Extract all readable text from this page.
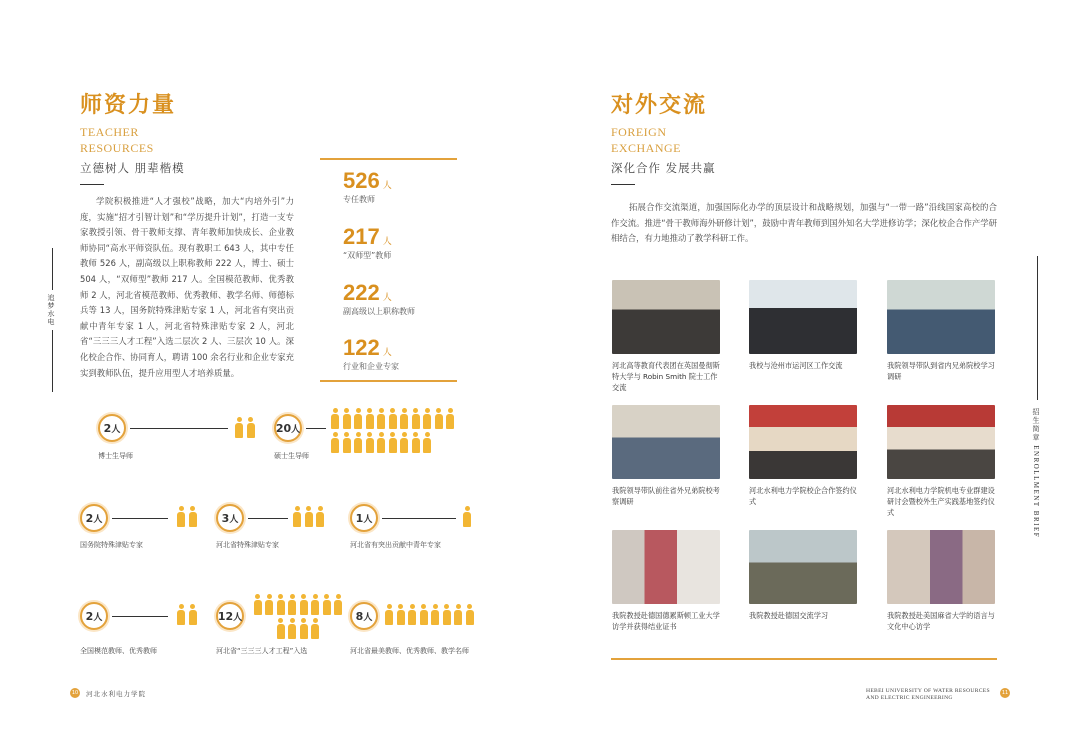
师资力量
TEACHER
RESOURCES
立德树人 朋辈楷模
学院积极推进“人才强校”战略，加大“内培外引”力度，实施“招才引智计划”和“学历提升计划”，打造一支专家教授引领、骨干教师支撑、青年教师加快成长、企业教师协同“高水平师资队伍。现有教职工 643 人，其中专任教师 526 人，副高级以上职称教师 222 人，博士、硕士 504 人，“双师型”教师 217 人。全国模范教师、优秀教师 2 人，河北省模范教师、优秀教师、教学名师、师德标兵等 13 人，国务院特殊津贴专家 1 人，河北省有突出贡献中青年专家 1 人，河北省特殊津贴专家 2 人，河北省“三三三人才工程”入选二层次 2 人、三层次 10 人。深化校企合作、协同育人，聘请 100 余名行业和企业专家充实到教师队伍，提升应用型人才培养质量。
追梦水电
526 人
专任教师
217 人
“双师型”教师
222 人
副高级以上职称教师
122 人
行业和企业专家
2 人
博士生导师
20 人
硕士生导师
2 人
国务院特殊津贴专家
3 人
河北省特殊津贴专家
1 人
河北省有突出贡献中青年专家
2 人
全国模范教师、优秀教师
12 人
河北省“三三三人才工程”入选
8 人
河北省最美教师、优秀教师、教学名师
10 河北水利电力学院
对外交流
FOREIGN
EXCHANGE
深化合作 发展共赢
拓展合作交流渠道，加强国际化办学的顶层设计和战略规划，加强与“一带一路”沿线国家高校的合作交流。推进“骨干教师海外研修计划”，鼓励中青年教师到国外知名大学进修访学；深化校企合作产学研相结合，有力地推动了教学科研工作。
河北高等教育代表团在英国曼彻斯特大学与 Robin Smith 院士工作交流
我校与沧州市运河区工作交流	我院领导带队到省内兄弟院校学习调研
我院领导带队前往省外兄弟院校考察调研
河北水利电力学院校企合作签约仪式
河北水利电力学院机电专业群建设研讨会暨校外生产实践基地签约仪式
我院教授赴德国德累斯顿工业大学访学并获得结业证书
我院教授赴德国交流学习	我院教授赴美国麻省大学的语言与文化中心访学
招生简章 ENROLLMENT BRIEF
HEBEI UNIVERSITY OF WATER RESOURCES
AND ELECTRIC ENGINEERING
11
